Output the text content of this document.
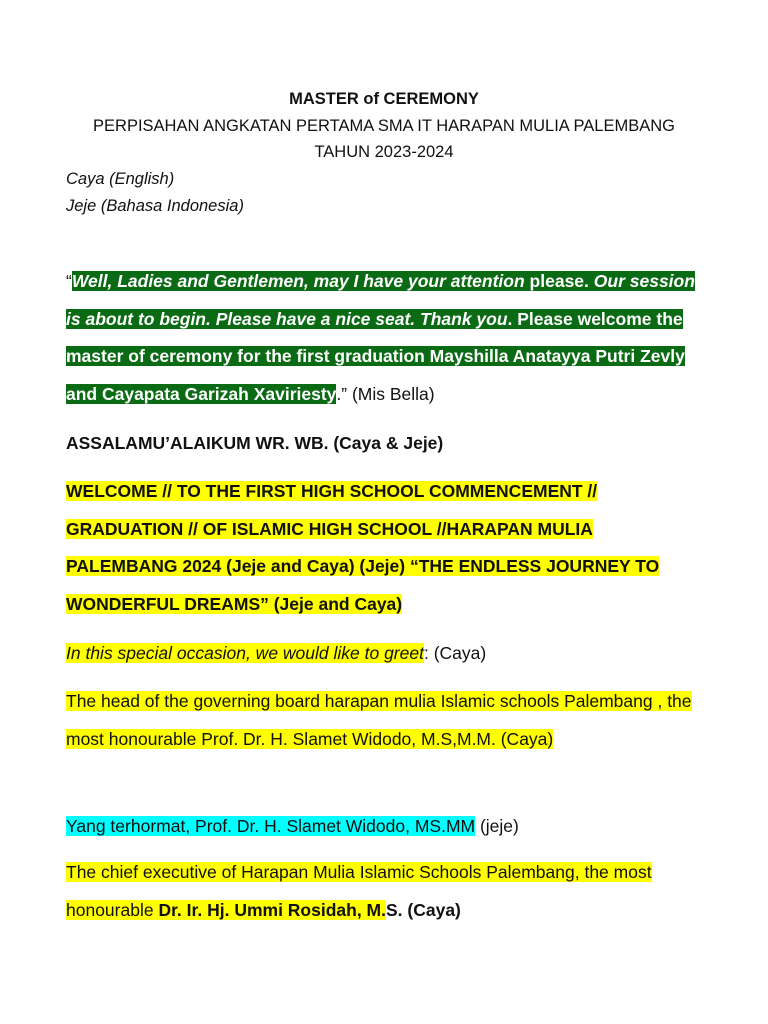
MASTER of CEREMONY
PERPISAHAN ANGKATAN PERTAMA SMA IT HARAPAN MULIA PALEMBANG
TAHUN 2023-2024
Caya (English)
Jeje (Bahasa Indonesia)
“Well, Ladies and Gentlemen, may I have your attention please. Our session is about to begin. Please have a nice seat. Thank you. Please welcome the master of ceremony for the first graduation Mayshilla Anatayya Putri Zevly and Cayapata Garizah Xaviriesty.” (Mis Bella)
ASSALAMU’ALAIKUM WR. WB. (Caya & Jeje)
WELCOME // TO THE FIRST HIGH SCHOOL COMMENCEMENT // GRADUATION // OF ISLAMIC HIGH SCHOOL //HARAPAN MULIA PALEMBANG 2024 (Jeje and Caya) (Jeje) “THE ENDLESS JOURNEY TO WONDERFUL DREAMS” (Jeje and Caya)
In this special occasion, we would like to greet: (Caya)
The head of the governing board harapan mulia Islamic schools Palembang , the most honourable Prof. Dr. H. Slamet Widodo, M.S,M.M. (Caya)
Yang terhormat, Prof. Dr. H. Slamet Widodo, MS.MM (jeje)
The chief executive of Harapan Mulia Islamic Schools Palembang, the most honourable Dr. Ir. Hj. Ummi Rosidah, M.S. (Caya)
